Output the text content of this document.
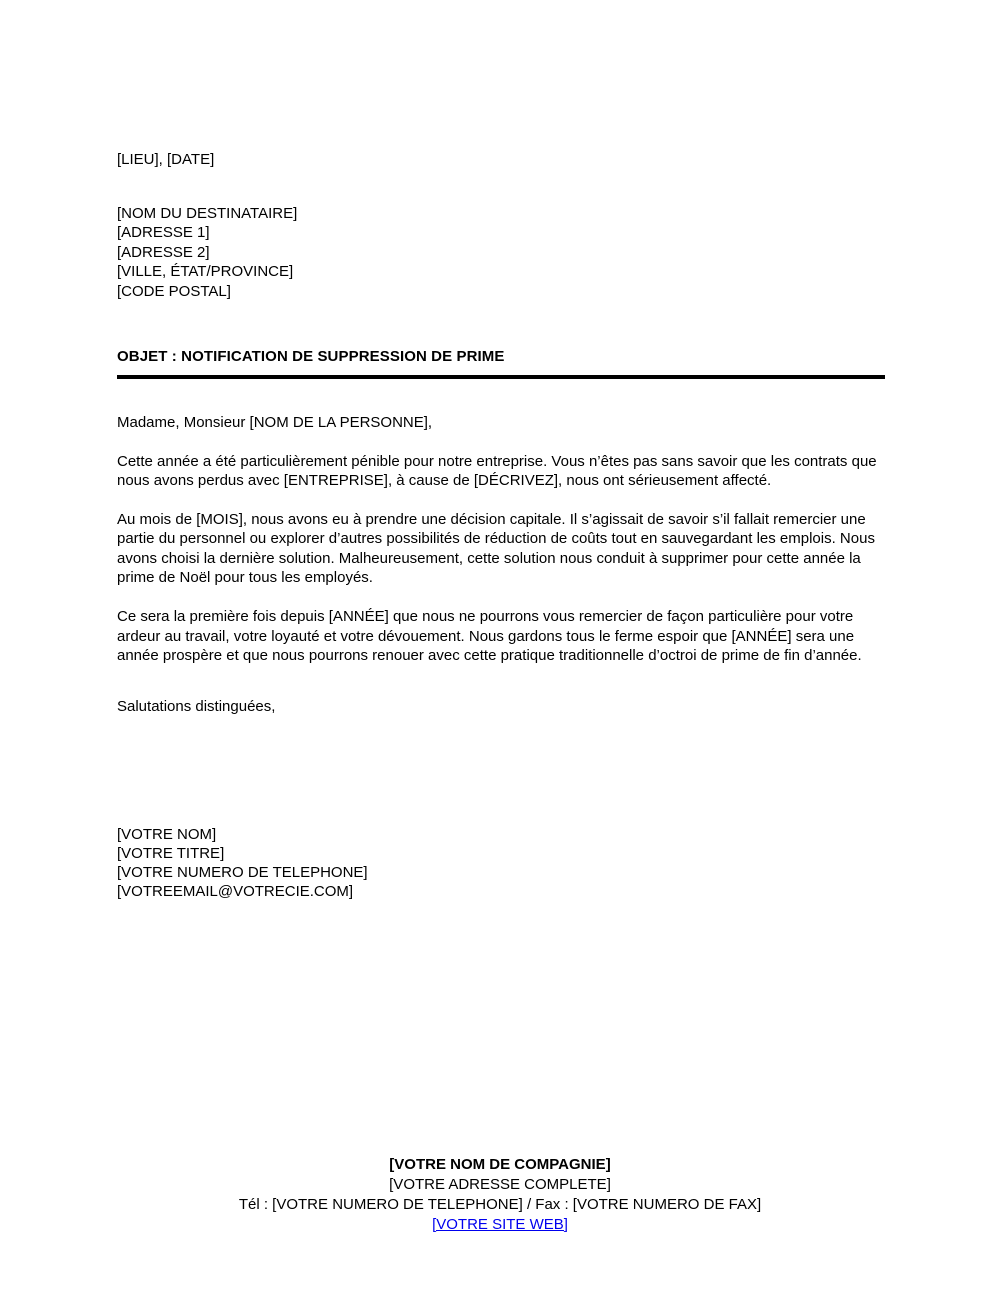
[LIEU], [DATE]
[NOM DU DESTINATAIRE]
[ADRESSE 1]
[ADRESSE 2]
[VILLE, ÉTAT/PROVINCE]
[CODE POSTAL]
OBJET : NOTIFICATION DE SUPPRESSION DE PRIME
Madame, Monsieur [NOM DE LA PERSONNE],

Cette année a été particulièrement pénible pour notre entreprise. Vous n’êtes pas sans savoir que les contrats que nous avons perdus avec [ENTREPRISE], à cause de [DÉCRIVEZ], nous ont sérieusement affecté.

Au mois de [MOIS], nous avons eu à prendre une décision capitale. Il s’agissait de savoir s’il fallait remercier une partie du personnel ou explorer d’autres possibilités de réduction de coûts tout en sauvegardant les emplois. Nous avons choisi la dernière solution. Malheureusement, cette solution nous conduit à supprimer pour cette année la prime de Noël pour tous les employés.

Ce sera la première fois depuis [ANNÉE] que nous ne pourrons vous remercier de façon particulière pour votre ardeur au travail, votre loyauté et votre dévouement. Nous gardons tous le ferme espoir que [ANNÉE] sera une année prospère et que nous pourrons renouer avec cette pratique traditionnelle d’octroi de prime de fin d’année.

Salutations distinguées,
[VOTRE NOM]
[VOTRE TITRE]
[VOTRE NUMERO DE TELEPHONE]
[VOTREEMAIL@VOTRECIE.COM]
[VOTRE NOM DE COMPAGNIE]
[VOTRE ADRESSE COMPLETE]
Tél : [VOTRE NUMERO DE TELEPHONE] / Fax : [VOTRE NUMERO DE FAX]
[VOTRE SITE WEB]
